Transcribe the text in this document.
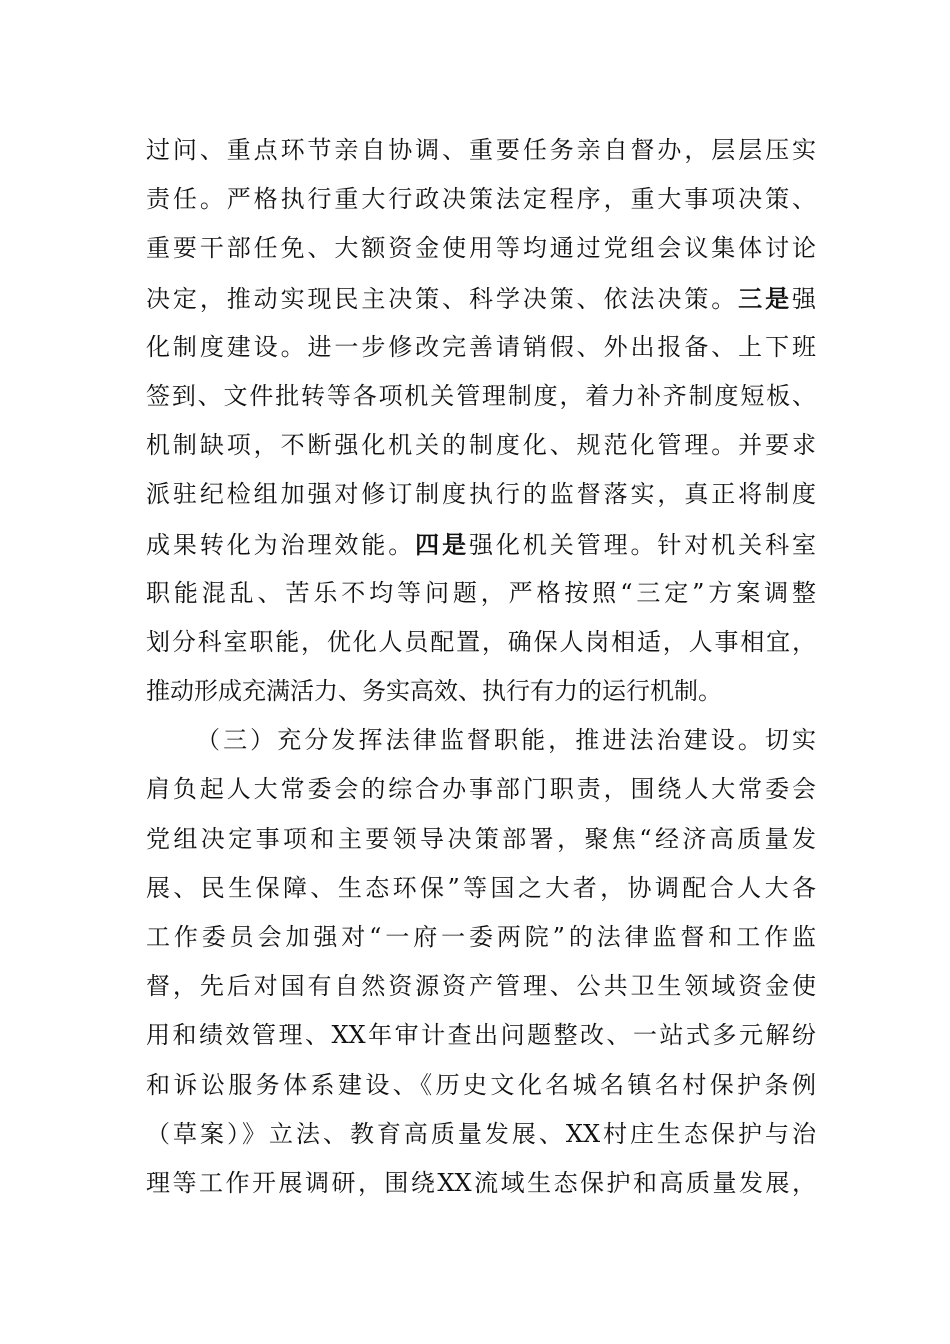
过问、重点环节亲自协调、重要任务亲自督办，层层压实
责任。严格执行重大行政决策法定程序，重大事项决策、
重要干部任免、大额资金使用等均通过党组会议集体讨论
决定，推动实现民主决策、科学决策、依法决策。三是强
化制度建设。进一步修改完善请销假、外出报备、上下班
签到、文件批转等各项机关管理制度，着力补齐制度短板、
机制缺项，不断强化机关的制度化、规范化管理。并要求
派驻纪检组加强对修订制度执行的监督落实，真正将制度
成果转化为治理效能。四是强化机关管理。针对机关科室
职能混乱、苦乐不均等问题，严格按照“三定”方案调整
划分科室职能，优化人员配置，确保人岗相适，人事相宜，
推动形成充满活力、务实高效、执行有力的运行机制。
（三）充分发挥法律监督职能，推进法治建设。切实
肩负起人大常委会的综合办事部门职责，围绕人大常委会
党组决定事项和主要领导决策部署，聚焦“经济高质量发
展、民生保障、生态环保”等国之大者，协调配合人大各
工作委员会加强对“一府一委两院”的法律监督和工作监
督，先后对国有自然资源资产管理、公共卫生领域资金使
用和绩效管理、XX年审计查出问题整改、一站式多元解纷
和诉讼服务体系建设、《历史文化名城名镇名村保护条例
（草案）》立法、教育高质量发展、XX村庄生态保护与治
理等工作开展调研，围绕XX流域生态保护和高质量发展，
